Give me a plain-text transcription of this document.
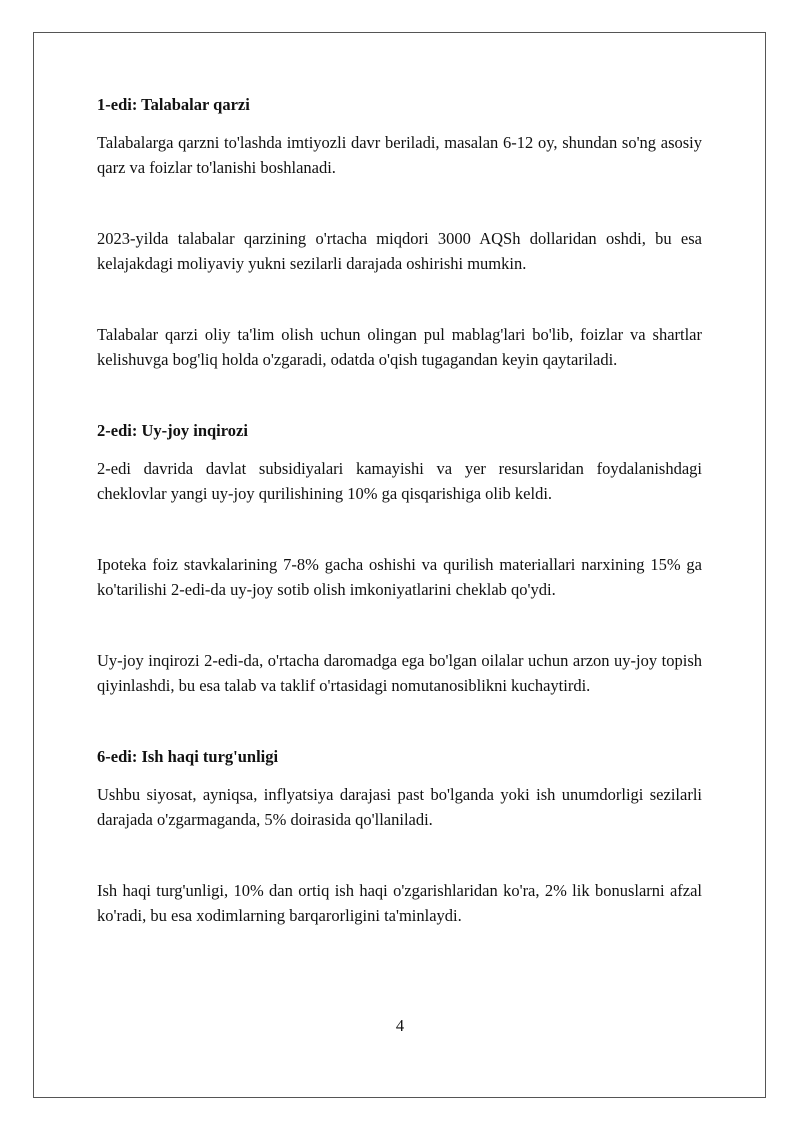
1-edi: Talabalar qarzi

Talabalarga qarzni to'lashda imtiyozli davr beriladi, masalan 6-12 oy, shundan so'ng asosiy qarz va foizlar to'lanishi boshlanadi.

2023-yilda talabalar qarzining o'rtacha miqdori 3000 AQSh dollaridan oshdi, bu esa kelajakdagi moliyaviy yukni sezilarli darajada oshirishi mumkin.

Talabalar qarzi oliy ta'lim olish uchun olingan pul mablag'lari bo'lib, foizlar va shartlar kelishuvga bog'liq holda o'zgaradi, odatda o'qish tugagandan keyin qaytariladi.

2-edi: Uy-joy inqirozi

2-edi davrida davlat subsidiyalari kamayishi va yer resurslaridan foydalanishdagi cheklovlar yangi uy-joy qurilishining 10% ga qisqarishiga olib keldi.

Ipoteka foiz stavkalarining 7-8% gacha oshishi va qurilish materiallari narxining 15% ga ko'tarilishi 2-edi-da uy-joy sotib olish imkoniyatlarini cheklab qo'ydi.

Uy-joy inqirozi 2-edi-da, o'rtacha daromadga ega bo'lgan oilalar uchun arzon uy-joy topish qiyinlashdi, bu esa talab va taklif o'rtasidagi nomutanosiblikni kuchaytirdi.

6-edi: Ish haqi turg'unligi

Ushbu siyosat, ayniqsa, inflyatsiya darajasi past bo'lganda yoki ish unumdorligi sezilarli darajada o'zgarmaganda, 5% doirasida qo'llaniladi.

Ish haqi turg'unligi, 10% dan ortiq ish haqi o'zgarishlaridan ko'ra, 2% lik bonuslarni afzal ko'radi, bu esa xodimlarning barqarorligini ta'minlaydi.

4
